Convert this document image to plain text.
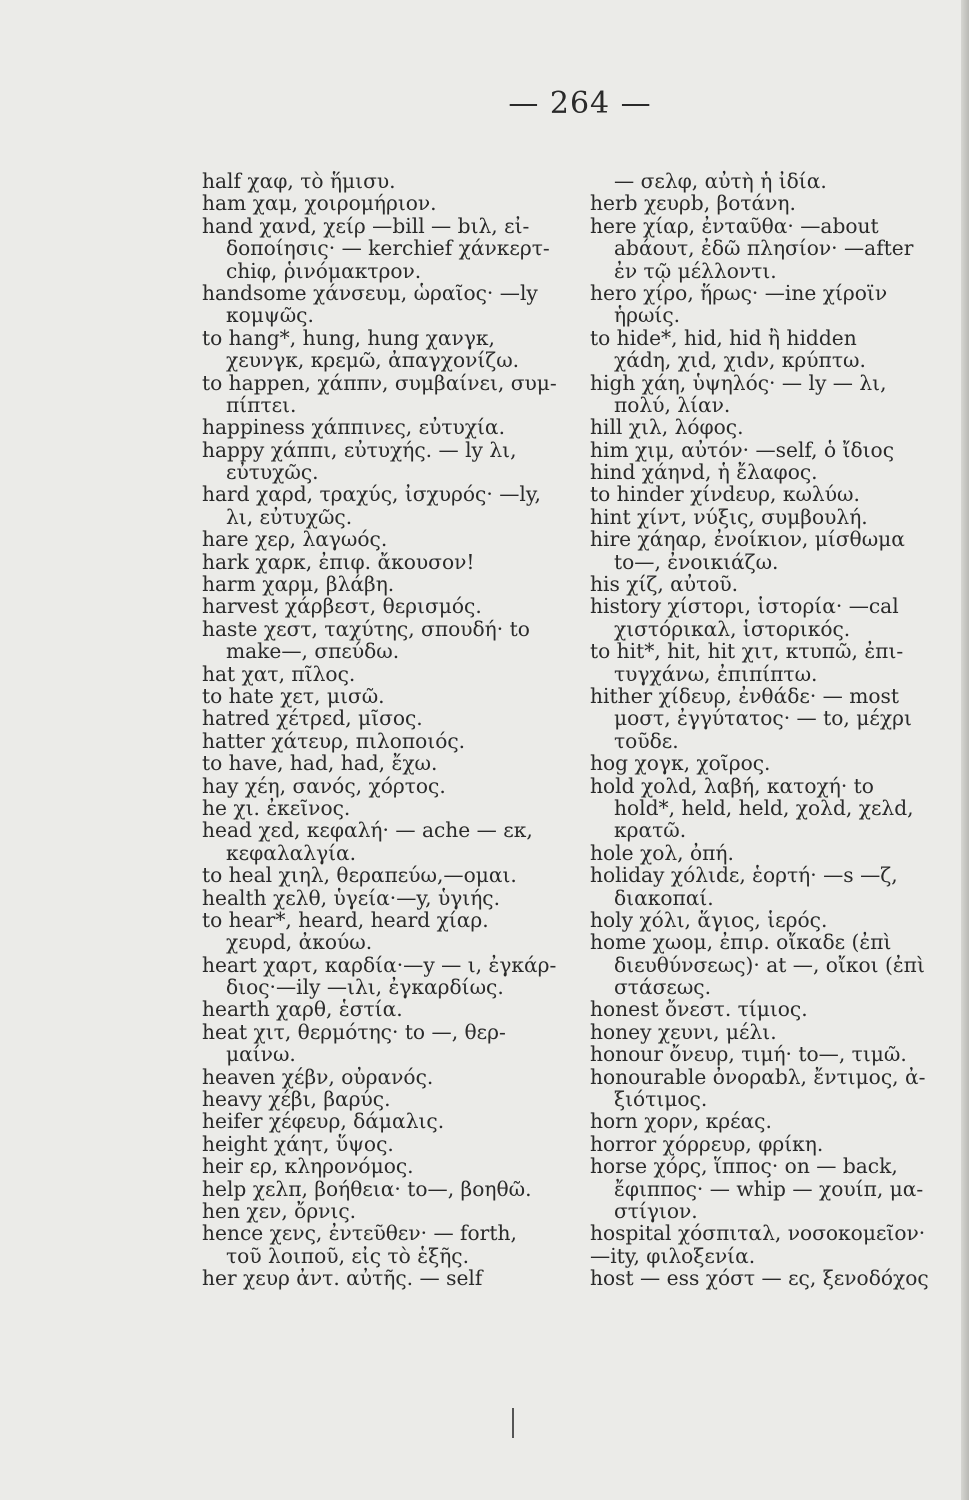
— 264 —
half χαφ, τὸ ἥμισυ.
ham χαμ, χοιρομήριον.
hand χανd, χείρ —bill — bιλ, εἰ-
δοποίησις· — kerchief χάνκερτ-
chiφ, ῥινόμακτρον.
handsome χάνσευμ, ὡραῖος· —ly
κομψῶς.
to hang*, hung, hung χανγκ,
χευνγκ, κρεμῶ, ἀπαγχονίζω.
to happen, χάππν, συμβαίνει, συμ-
πίπτει.
happiness χάππινες, εὐτυχία.
happy χάππι, εὐτυχής. — ly λι,
εὐτυχῶς.
hard χαρd, τραχύς, ἰσχυρός· —ly,
λι, εὐτυχῶς.
hare χερ, λαγωός.
hark χαρκ, ἐπιφ. ἄκουσον!
harm χαρμ, βλάβη.
harvest χάρβεστ, θερισμός.
haste χεστ, ταχύτης, σπουδή· to
make—, σπεύδω.
hat χατ, πῖλος.
to hate χετ, μισῶ.
hatred χέτρεd, μῖσος.
hatter χάτευρ, πιλοποιός.
to have, had, had, ἔχω.
hay χέη, σανός, χόρτος.
he χι. ἐκεῖνος.
head χεd, κεφαλή· — ache — εκ,
κεφαλαλγία.
to heal χιηλ, θεραπεύω,—ομαι.
health χελθ, ὑγεία·—y, ὑγιής.
to hear*, heard, heard χίαρ.
χευρd, ἀκούω.
heart χαρτ, καρδία·—y — ι, ἐγκάρ-
διος·—ily —ιλι, ἐγκαρδίως.
hearth χαρθ, ἑστία.
heat χιτ, θερμότης· to —, θερ-
μαίνω.
heaven χέβν, οὐρανός.
heavy χέβι, βαρύς.
heifer χέφευρ, δάμαλις.
height χάητ, ὕψος.
heir ερ, κληρονόμος.
help χελπ, βοήθεια· to—, βοηθῶ.
hen χεν, ὄρνις.
hence χενς, ἐντεῦθεν· — forth,
τοῦ λοιποῦ, εἰς τὸ ἑξῆς.
her χευρ ἀντ. αὐτῆς. — self
— σελφ, αὐτὴ ἡ ἰδία.
herb χευρb, βοτάνη.
here χίαρ, ἐνταῦθα· —about
abάουτ, ἐδῶ πλησίον· —after
ἐν τῷ μέλλοντι.
hero χίρο, ἥρως· —ine χίροϊν
ἡρωίς.
to hide*, hid, hid ἢ hidden
χάdη, χιd, χιdν, κρύπτω.
high χάη, ὑψηλός· — ly — λι,
πολύ, λίαν.
hill χιλ, λόφος.
him χιμ, αὐτόν· —self, ὁ ἴδιος
hind χάηνd, ἡ ἔλαφος.
to hinder χίνdευρ, κωλύω.
hint χίντ, νύξις, συμβουλή.
hire χάηαρ, ἐνοίκιον, μίσθωμα
to—, ἐνοικιάζω.
his χίζ, αὐτοῦ.
history χίστορι, ἱστορία· —cal
χιστόρικαλ, ἱστορικός.
to hit*, hit, hit χιτ, κτυπῶ, ἐπι-
τυγχάνω, ἐπιπίπτω.
hither χίδευρ, ἐνθάδε· — most
μοστ, ἐγγύτατος· — to, μέχρι
τοῦδε.
hog χογκ, χοῖρος.
hold χολd, λαβή, κατοχή· to
hold*, held, held, χολd, χελd,
κρατῶ.
hole χολ, ὀπή.
holiday χόλιdε, ἑορτή· —s —ζ,
διακοπαί.
holy χόλι, ἅγιος, ἱερός.
home χωομ, ἐπιρ. οἴκαδε (ἐπὶ
διευθύνσεως)· at —, οἴκοι (ἐπὶ
στάσεως.
honest ὄνεστ. τίμιος.
honey χευνι, μέλι.
honour ὄνευρ, τιμή· to—, τιμῶ.
honourable ὀνοραbλ, ἔντιμος, ἀ-
ξιότιμος.
horn χορν, κρέας.
horror χόρρευρ, φρίκη.
horse χόρς, ἵππος· on — back,
ἔφιππος· — whip — χουίπ, μα-
στίγιον.
hospital χόσπιταλ, νοσοκομεῖον·
—ity, φιλοξενία.
host — ess χόστ — ες, ξενοδόχος
